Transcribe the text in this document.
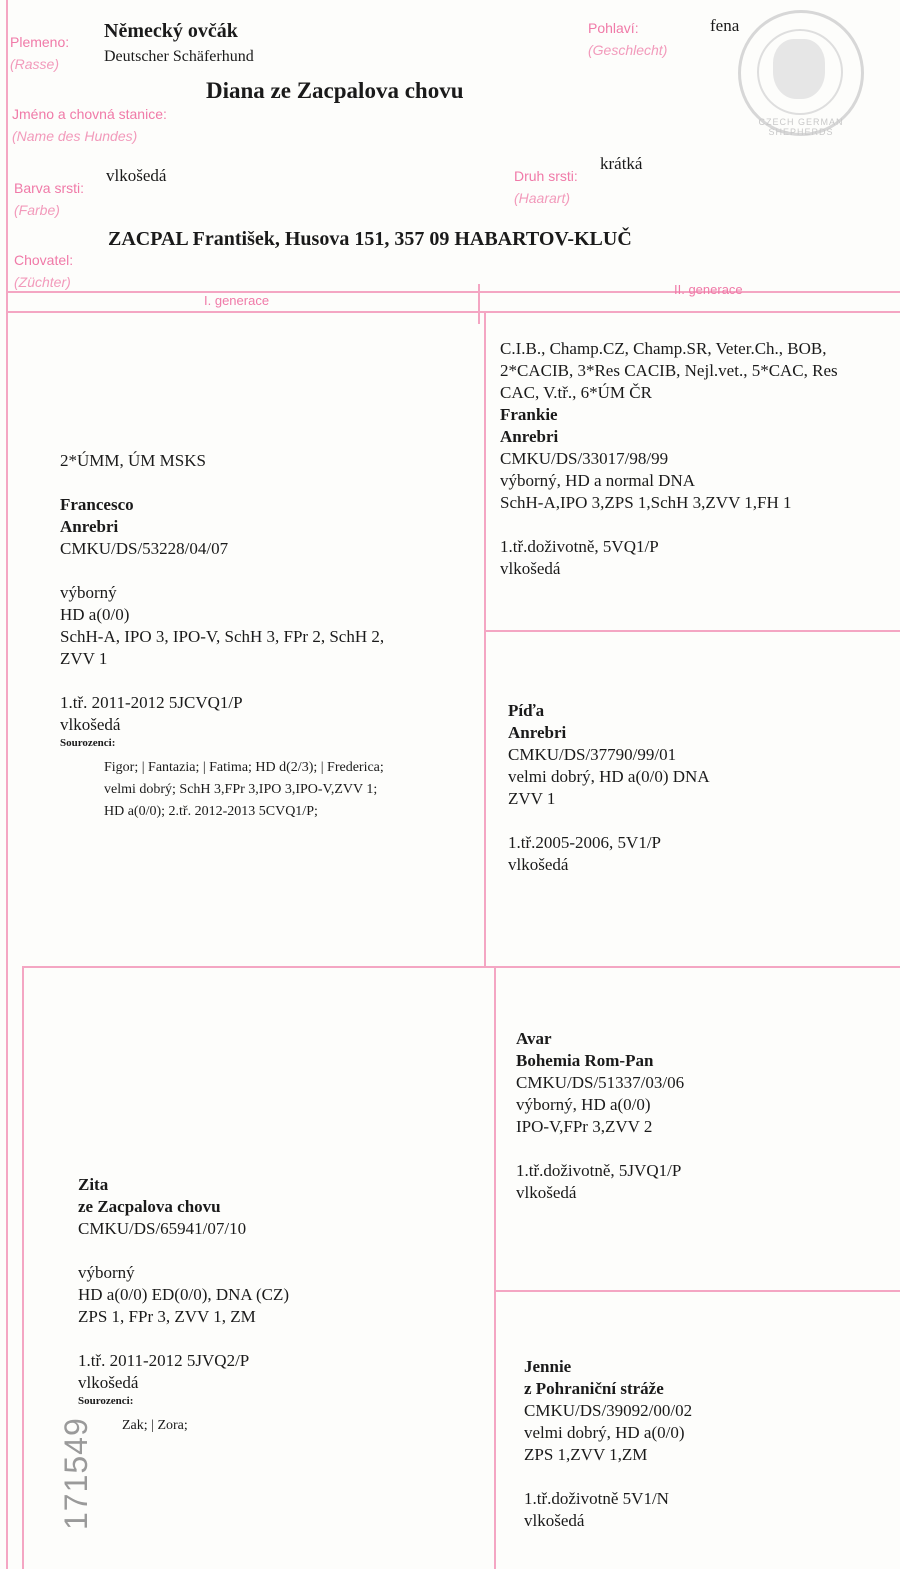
CZECH GERMAN SHEPHERDS
Plemeno:
(Rasse)
Německý ovčák
Deutscher Schäferhund
Pohlaví:
(Geschlecht)
fena
Jméno a chovná stanice:
(Name des Hundes)
Diana ze Zacpalova chovu
Barva srsti:
(Farbe)
vlkošedá	Druh srsti:
(Haarart)
krátká
Chovatel:
(Züchter)
ZACPAL František, Husova 151, 357 09 HABARTOV-KLUČ
I. generace
II. generace
2*ÚMM, ÚM MSKS
Francesco
Anrebri
CMKU/DS/53228/04/07
výborný
HD a(0/0)
SchH-A, IPO 3, IPO-V, SchH 3, FPr 2, SchH 2,
ZVV 1
1.tř. 2011-2012 5JCVQ1/P
vlkošedá
Sourozenci:
Figor; | Fantazia; | Fatima; HD d(2/3); | Frederica;
velmi dobrý; SchH 3,FPr 3,IPO 3,IPO-V,ZVV 1;
HD a(0/0); 2.tř. 2012-2013 5CVQ1/P;
C.I.B., Champ.CZ, Champ.SR, Veter.Ch., BOB,
2*CACIB, 3*Res CACIB, Nejl.vet., 5*CAC, Res
CAC, V.tř., 6*ÚM ČR
Frankie
Anrebri
CMKU/DS/33017/98/99
výborný, HD a normal DNA
SchH-A,IPO 3,ZPS 1,SchH 3,ZVV 1,FH 1
1.tř.doživotně, 5VQ1/P
vlkošedá
Píďa
Anrebri
CMKU/DS/37790/99/01
velmi dobrý, HD a(0/0) DNA
ZVV 1
1.tř.2005-2006, 5V1/P
vlkošedá
Zita
ze Zacpalova chovu
CMKU/DS/65941/07/10
výborný
HD a(0/0) ED(0/0), DNA (CZ)
ZPS 1, FPr 3, ZVV 1, ZM
1.tř. 2011-2012 5JVQ2/P
vlkošedá
Sourozenci:
Zak; | Zora;
Avar
Bohemia Rom-Pan
CMKU/DS/51337/03/06
výborný, HD a(0/0)
IPO-V,FPr 3,ZVV 2
1.tř.doživotně, 5JVQ1/P
vlkošedá
Jennie
z Pohraniční stráže
CMKU/DS/39092/00/02
velmi dobrý, HD a(0/0)
ZPS 1,ZVV 1,ZM
1.tř.doživotně 5V1/N
vlkošedá
171549
